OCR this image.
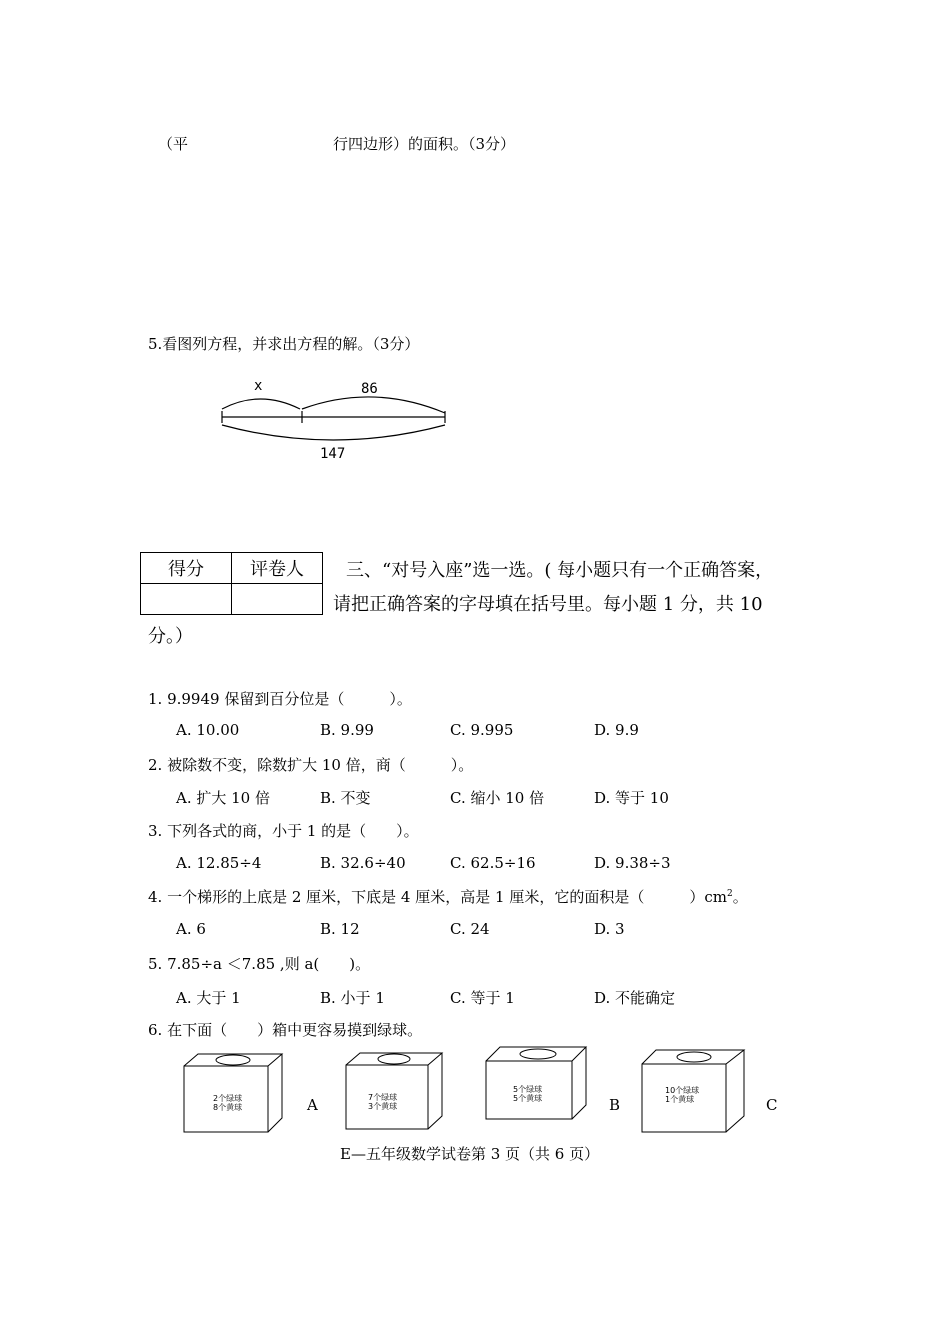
（平	行四边形）的面积。（3分）
5.看图列方程，并求出方程的解。（3分）
x	86
147
得分	评卷人
	三、“对号入座”选一选。( 每小题只有一个正确答案，
请把正确答案的字母填在括号里。每小题 1 分，共 10
分。）
1. 9.9949 保留到百分位是（　　　）。
A. 10.00	B. 9.99	C. 9.995	D. 9.9
2. 被除数不变，除数扩大 10 倍，商（　　　）。
A. 扩大 10 倍	B. 不变	C. 缩小 10 倍	D. 等于 10
3. 下列各式的商，小于 1 的是（　　）。
A. 12.85÷4	B. 32.6÷40	C. 62.5÷16	D. 9.38÷3
4. 一个梯形的上底是 2 厘米，下底是 4 厘米，高是 1 厘米，它的面积是（　　　）$cm^2$。
A. 6	B. 12	C. 24	D. 3
5. 7.85÷a ＜7.85 ,则 a(　　)。
A. 大于 1	B. 小于 1	C. 等于 1	D. 不能确定
6. 在下面（　　）箱中更容易摸到绿球。
2个绿球
8个黄球
7个绿球
3个黄球
5个绿球
5个黄球
10个绿球
1个黄球
A	B	C
E—五年级数学试卷第 3 页（共 6 页）
